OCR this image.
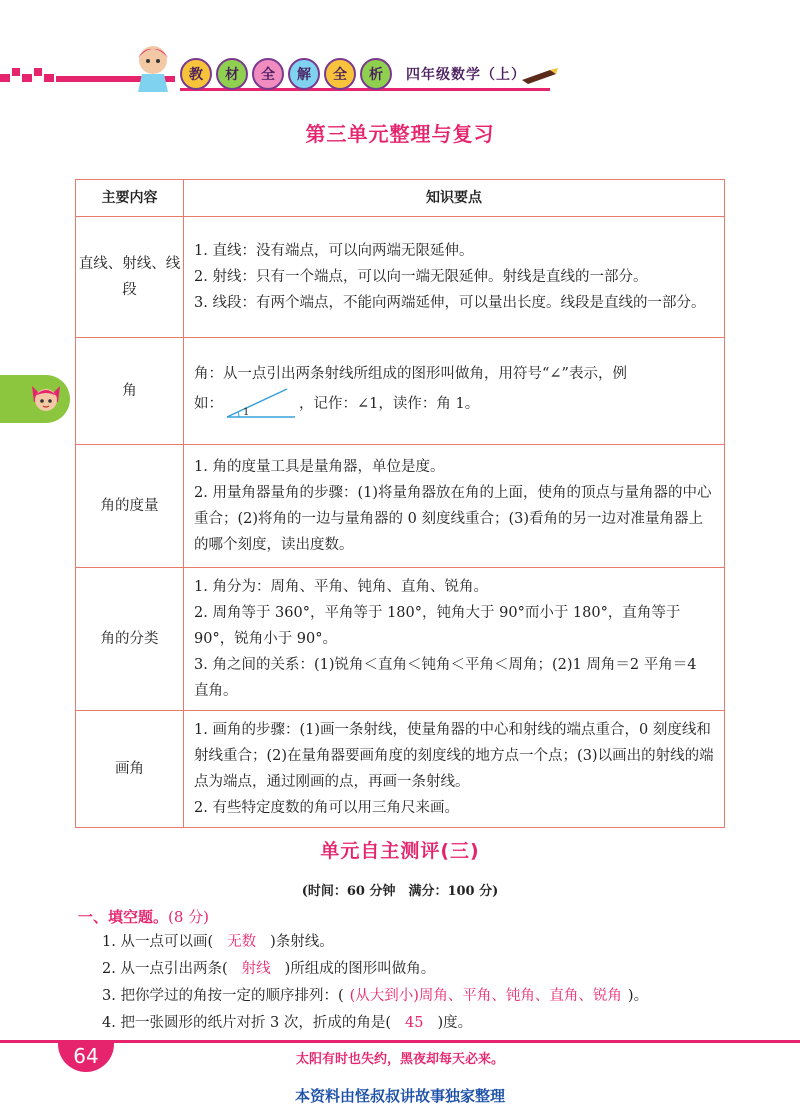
教	材	全	解	全	析	四年级数学（上）
第三单元整理与复习
主要内容	知识要点
直线、射线、线段	1. 直线：没有端点，可以向两端无限延伸。

2. 射线：只有一个端点，可以向一端无限延伸。射线是直线的一部分。

3. 线段：有两个端点，不能向两端延伸，可以量出长度。线段是直线的一部分。

角	角：从一点引出两条射线所组成的图形叫做角，用符号“∠”表示，例

如：
1
，记作：∠1，读作：角 1。

角的度量	1. 角的度量工具是量角器，单位是度。

2. 用量角器量角的步骤：(1)将量角器放在角的上面，使角的顶点与量角器的中心重合；(2)将角的一边与量角器的 0 刻度线重合；(3)看角的另一边对准量角器上的哪个刻度，读出度数。

角的分类	1. 角分为：周角、平角、钝角、直角、锐角。

2. 周角等于 360°，平角等于 180°，钝角大于 90°而小于 180°，直角等于 90°，锐角小于 90°。

3. 角之间的关系：(1)锐角＜直角＜钝角＜平角＜周角；(2)1 周角＝2 平角＝4 直角。

画角	1. 画角的步骤：(1)画一条射线，使量角器的中心和射线的端点重合，0 刻度线和射线重合；(2)在量角器要画角度的刻度线的地方点一个点；(3)以画出的射线的端点为端点，通过刚画的点，再画一条射线。

2. 有些特定度数的角可以用三角尺来画。

单元自主测评(三)
(时间：60 分钟　满分：100 分)
一、填空题。(8 分)
1. 从一点可以画( 无数 )条射线。
2. 从一点引出两条( 射线 )所组成的图形叫做角。
3. 把你学过的角按一定的顺序排列：( (从大到小)周角、平角、钝角、直角、锐角 )。
4. 把一张圆形的纸片对折 3 次，折成的角是( 45 )度。
64	太阳有时也失约，黑夜却每天必来。
本资料由怪叔叔讲故事独家整理
